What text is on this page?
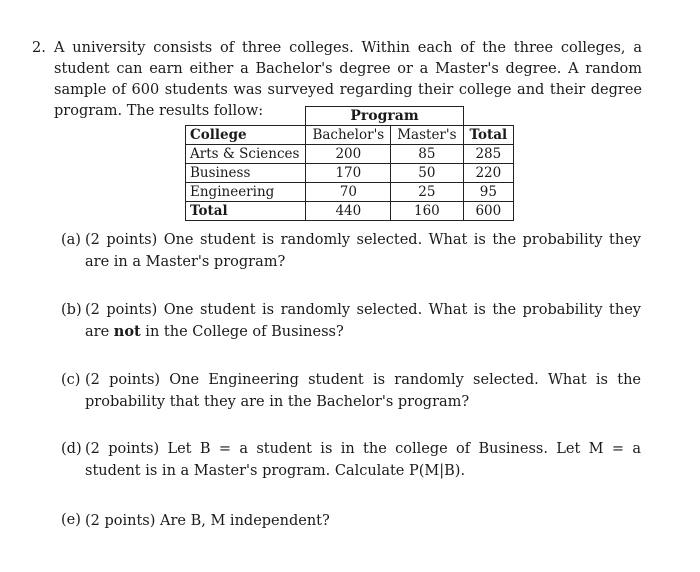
2. A university consists of three colleges. Within each of the three colleges, a student can earn either a Bachelor's degree or a Master's degree. A random sample of 600 students was surveyed regarding their college and their degree program. The results follow:
		Program		
College	Bachelor's	Master's	Total
Arts & Sciences	200	85	285
Business	170	50	220
Engineering	70	25	95
Total	440	160	600
(a) (2 points) One student is randomly selected. What is the probability they are in a Master's program?
(b) (2 points) One student is randomly selected. What is the probability they are not in the College of Business?
(c) (2 points) One Engineering student is randomly selected. What is the probability that they are in the Bachelor's program?
(d) (2 points) Let B = a student is in the college of Business. Let M = a student is in a Master's program. Calculate P(M|B).
(e) (2 points) Are B, M independent?
